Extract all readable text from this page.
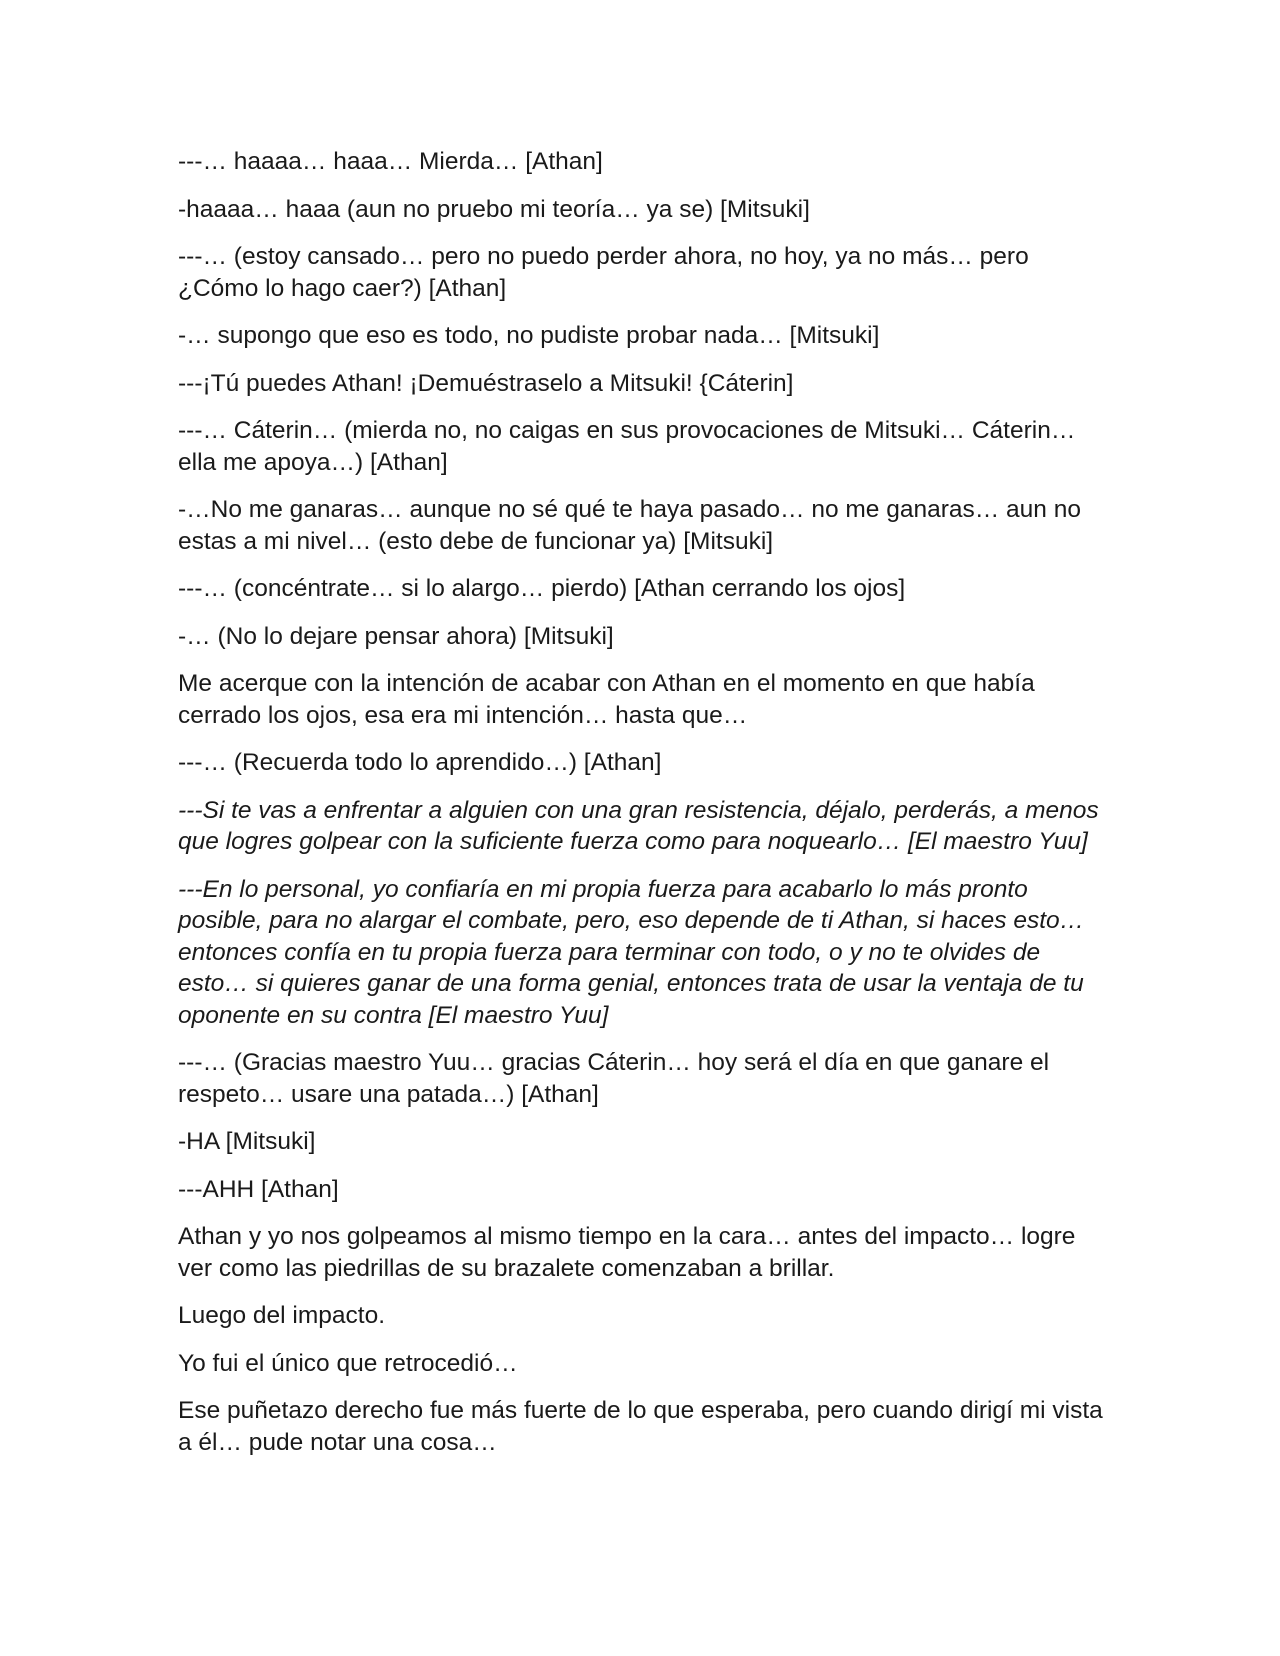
---… haaaa… haaa… Mierda… [Athan]

-haaaa… haaa (aun no pruebo mi teoría… ya se) [Mitsuki]

---… (estoy cansado… pero no puedo perder ahora, no hoy, ya no más… pero ¿Cómo lo hago caer?) [Athan]

-… supongo que eso es todo, no pudiste probar nada… [Mitsuki]

---¡Tú puedes Athan! ¡Demuéstraselo a Mitsuki! {Cáterin]

---… Cáterin… (mierda no, no caigas en sus provocaciones de Mitsuki… Cáterin… ella me apoya…) [Athan]

-…No me ganaras… aunque no sé qué te haya pasado… no me ganaras… aun no estas a mi nivel… (esto debe de funcionar ya) [Mitsuki]

---… (concéntrate… si lo alargo… pierdo) [Athan cerrando los ojos]

-… (No lo dejare pensar ahora) [Mitsuki]

Me acerque con la intención de acabar con Athan en el momento en que había cerrado los ojos, esa era mi intención… hasta que…

---… (Recuerda todo lo aprendido…) [Athan]

---Si te vas a enfrentar a alguien con una gran resistencia, déjalo, perderás, a menos que logres golpear con la suficiente fuerza como para noquearlo… [El maestro Yuu]

---En lo personal, yo confiaría en mi propia fuerza para acabarlo lo más pronto posible, para no alargar el combate, pero, eso depende de ti Athan, si haces esto… entonces confía en tu propia fuerza para terminar con todo, o y no te olvides de esto… si quieres ganar de una forma genial, entonces trata de usar la ventaja de tu oponente en su contra [El maestro Yuu]

---… (Gracias maestro Yuu… gracias Cáterin… hoy será el día en que ganare el respeto… usare una patada…) [Athan]

-HA [Mitsuki]

---AHH [Athan]

Athan y yo nos golpeamos al mismo tiempo en la cara… antes del impacto… logre ver como las piedrillas de su brazalete comenzaban a brillar.

Luego del impacto.

Yo fui el único que retrocedió…

Ese puñetazo derecho fue más fuerte de lo que esperaba, pero cuando dirigí mi vista a él… pude notar una cosa…
